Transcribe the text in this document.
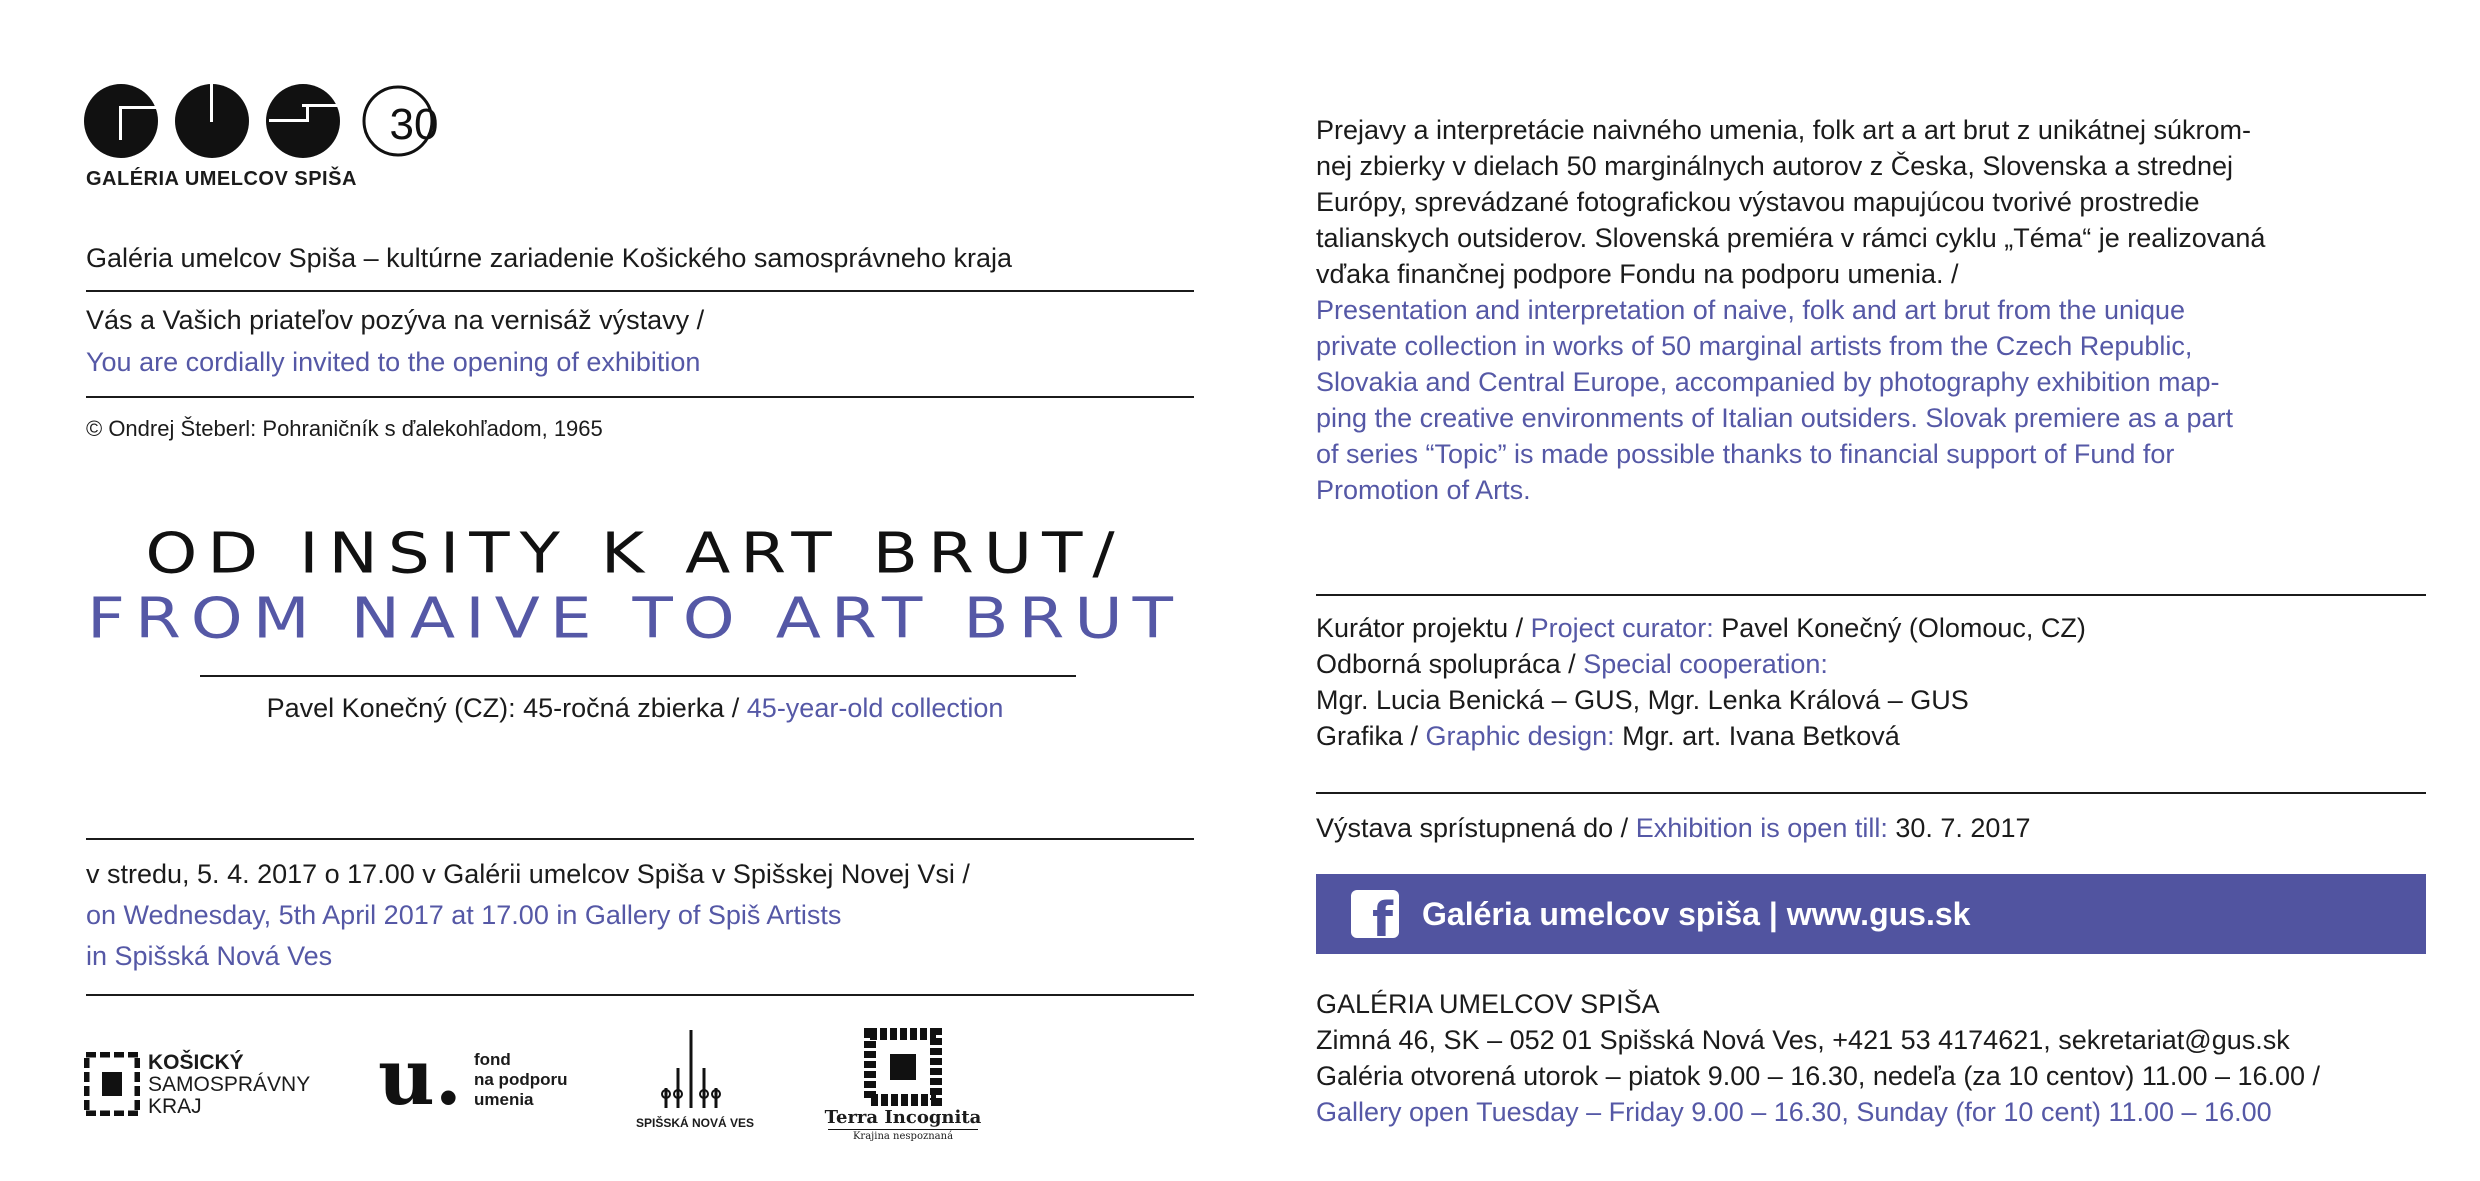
30
GALÉRIA UMELCOV SPIŠA
Galéria umelcov Spiša – kultúrne zariadenie Košického samosprávneho kraja
Vás a Vašich priateľov pozýva na vernisáž výstavy /
You are cordially invited to the opening of exhibition
© Ondrej Šteberl: Pohraničník s ďalekohľadom, 1965
OD INSITY K ART BRUT/
FROM NAIVE TO ART BRUT
Pavel Konečný (CZ): 45-ročná zbierka / 45-year-old collection
v stredu, 5. 4. 2017 o 17.00 v Galérii umelcov Spiša v Spišskej Novej Vsi /
on Wednesday, 5th April 2017 at 17.00 in Gallery of Spiš Artists
in Spišská Nová Ves
KOŠICKÝ
SAMOSPRÁVNY
KRAJ	u. fond
na podporu
umenia
SPIŠSKÁ NOVÁ VES	Terra Incognita
Krajina nespoznaná
Prejavy a interpretácie naivného umenia, folk art a art brut z unikátnej súkrom-
nej zbierky v dielach 50 marginálnych autorov z Česka, Slovenska a strednej
Európy, sprevádzané fotografickou výstavou mapujúcou tvorivé prostredie
talianskych outsiderov. Slovenská premiéra v rámci cyklu „Téma“ je realizovaná
vďaka finančnej podpore Fondu na podporu umenia. /
Presentation and interpretation of naive, folk and art brut from the unique
private collection in works of 50 marginal artists from the Czech Republic,
Slovakia and Central Europe, accompanied by photography exhibition map-
ping the creative environments of Italian outsiders. Slovak premiere as a part
of series “Topic” is made possible thanks to financial support of Fund for
Promotion of Arts.
Kurátor projektu / Project curator: Pavel Konečný (Olomouc, CZ)
Odborná spolupráca / Special cooperation:
Mgr. Lucia Benická – GUS, Mgr. Lenka Králová – GUS
Grafika / Graphic design: Mgr. art. Ivana Betková
Výstava sprístupnená do / Exhibition is open till: 30. 7. 2017
f Galéria umelcov spiša | www.gus.sk
GALÉRIA UMELCOV SPIŠA
Zimná 46, SK – 052 01 Spišská Nová Ves, +421 53 4174621, sekretariat@gus.sk
Galéria otvorená utorok – piatok 9.00 – 16.30, nedeľa (za 10 centov) 11.00 – 16.00 /
Gallery open Tuesday – Friday 9.00 – 16.30, Sunday (for 10 cent) 11.00 – 16.00
